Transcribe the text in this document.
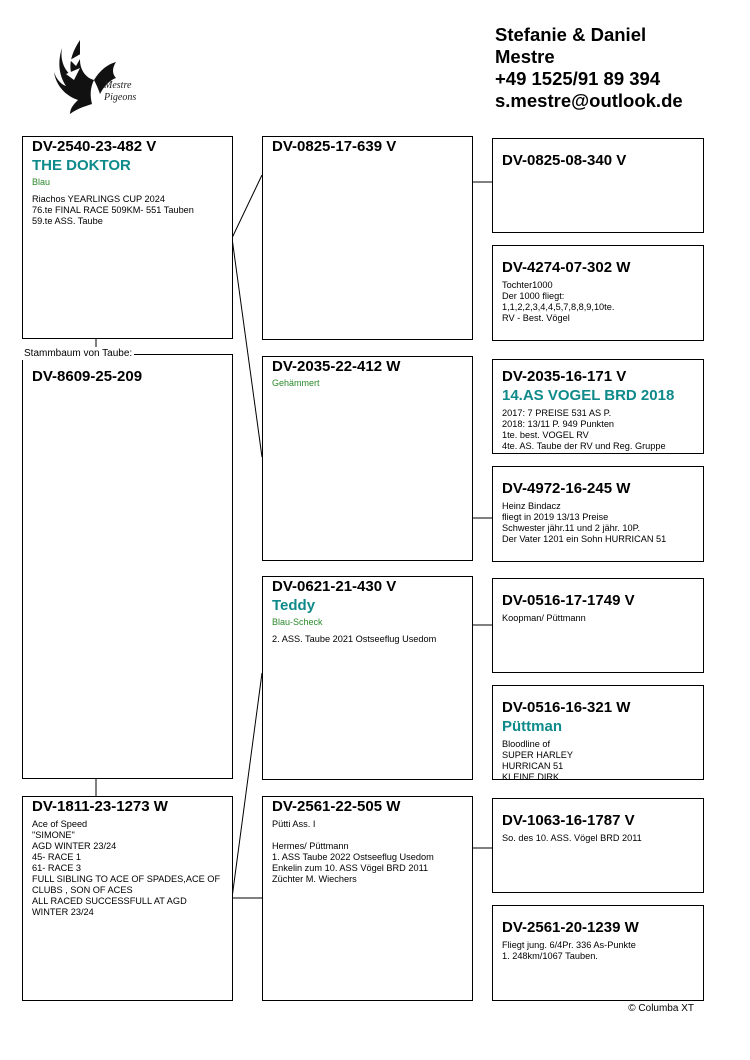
Mestre
Pigeons
Stefanie & Daniel
Mestre
+49 1525/91 89 394
s.mestre@outlook.de
DV-2540-23-482 V
THE DOKTOR
Blau
Riachos YEARLINGS CUP 2024
76.te FINAL RACE 509KM- 551 Tauben
59.te ASS. Taube
DV-8609-25-209
Stammbaum von Taube:
DV-1811-23-1273 W
Ace of Speed
"SIMONE"
AGD WINTER 23/24
45- RACE 1
61- RACE 3
FULL SIBLING TO ACE OF SPADES,ACE OF CLUBS , SON OF ACES
ALL RACED SUCCESSFULL AT AGD WINTER 23/24
DV-0825-17-639 V
DV-2035-22-412 W
Gehämmert
DV-0621-21-430 V
Teddy
Blau-Scheck
2. ASS. Taube 2021 Ostseeflug Usedom
DV-2561-22-505 W
Pütti Ass. I

Hermes/ Püttmann
1. ASS Taube 2022 Ostseeflug Usedom
Enkelin zum 10. ASS Vögel BRD 2011
Züchter M. Wiechers
DV-0825-08-340 V
DV-4274-07-302 W
Tochter1000
Der 1000 fliegt:
1,1,2,2,3,4,4,5,7,8,8,9,10te.
RV - Best. Vögel
DV-2035-16-171 V
14.AS VOGEL BRD 2018
2017: 7 PREISE 531 AS P.
2018: 13/11 P. 949 Punkten
1te. best. VOGEL RV
4te. AS. Taube der RV und Reg. Gruppe
DV-4972-16-245 W
Heinz Bindacz
fliegt in 2019 13/13 Preise
Schwester jähr.11 und 2 jähr. 10P.
Der Vater 1201 ein Sohn HURRICAN 51
DV-0516-17-1749 V
Koopman/ Püttmann
DV-0516-16-321 W
Püttman
Bloodline of
SUPER HARLEY
HURRICAN 51
KLEINE DIRK
DV-1063-16-1787 V
So. des 10. ASS. Vögel BRD 2011
DV-2561-20-1239 W
Fliegt jung. 6/4Pr. 336 As-Punkte
1. 248km/1067 Tauben.
© Columba XT
